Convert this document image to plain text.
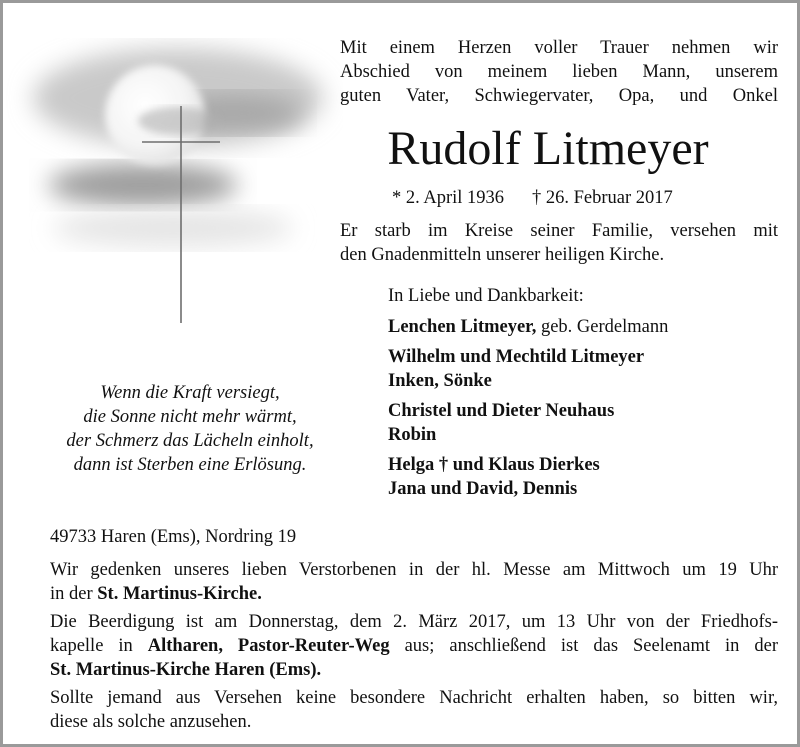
Mit einem Herzen voller Trauer nehmen wir
Abschied von meinem lieben Mann, unserem
guten Vater, Schwiegervater, Opa, und Onkel
Rudolf Litmeyer
* 2. April 1936 † 26. Februar 2017
Er starb im Kreise seiner Familie, versehen mit
den Gnadenmitteln unserer heiligen Kirche.
In Liebe und Dankbarkeit:
Lenchen Litmeyer, geb. Gerdelmann
Wilhelm und Mechtild Litmeyer
Inken, Sönke
Christel und Dieter Neuhaus
Robin
Helga † und Klaus Dierkes
Jana und David, Dennis
Wenn die Kraft versiegt,
die Sonne nicht mehr wärmt,
der Schmerz das Lächeln einholt,
dann ist Sterben eine Erlösung.
49733 Haren (Ems), Nordring 19
Wir gedenken unseres lieben Verstorbenen in der hl. Messe am Mittwoch um 19 Uhr
in der St. Martinus-Kirche.
Die Beerdigung ist am Donnerstag, dem 2. März 2017, um 13 Uhr von der Friedhofs-
kapelle in Altharen, Pastor-Reuter-Weg aus; anschließend ist das Seelenamt in der
St. Martinus-Kirche Haren (Ems).
Sollte jemand aus Versehen keine besondere Nachricht erhalten haben, so bitten wir,
diese als solche anzusehen.
